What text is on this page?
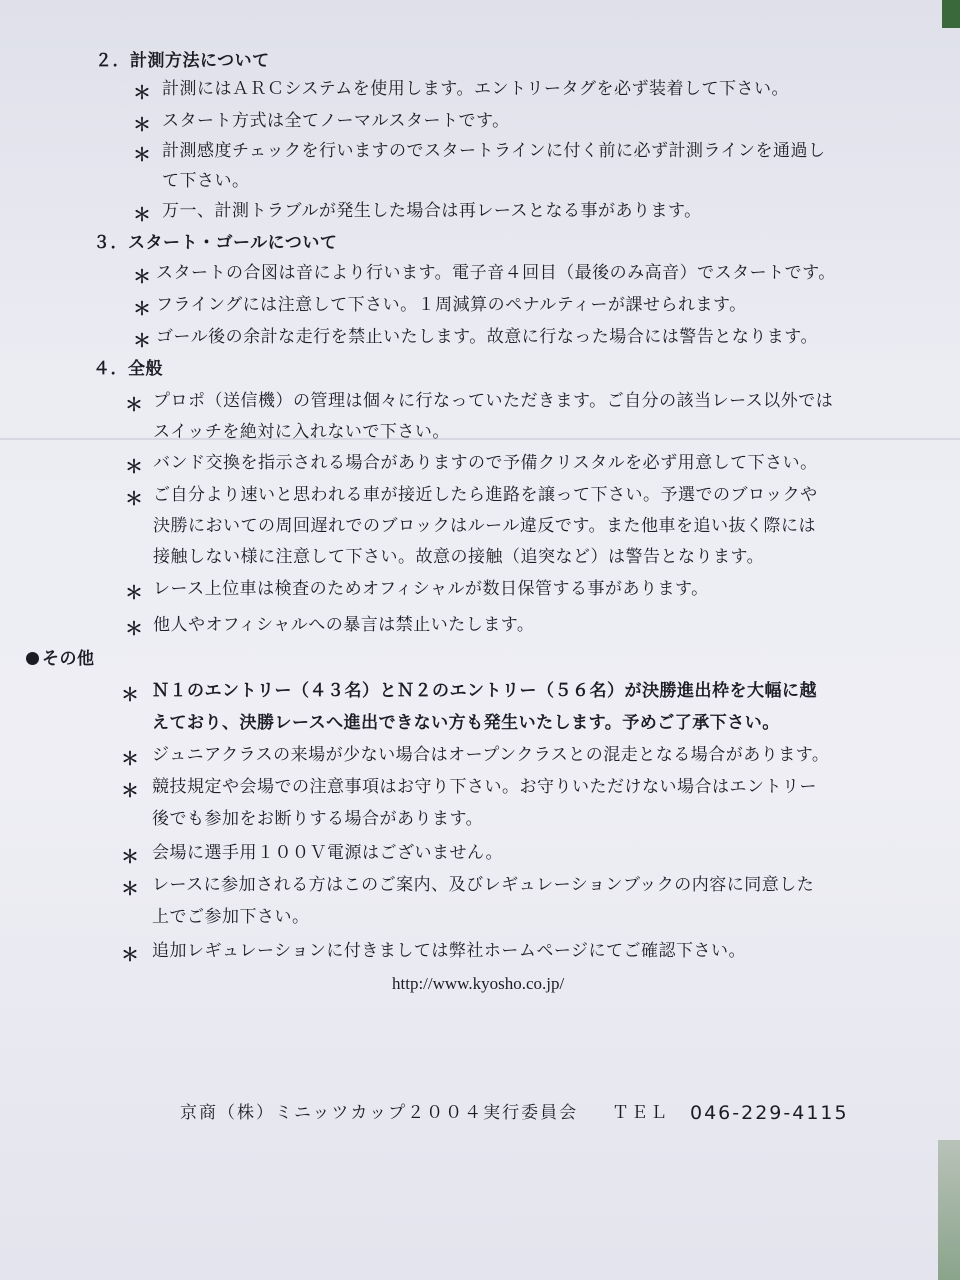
２．計測方法について
＊ 計測にはＡＲＣシステムを使用します。エントリータグを必ず装着して下さい。
＊ スタート方式は全てノーマルスタートです。
＊ 計測感度チェックを行いますのでスタートラインに付く前に必ず計測ラインを通過し
て下さい。
＊ 万一、計測トラブルが発生した場合は再レースとなる事があります。
３．スタート・ゴールについて
＊ スタートの合図は音により行います。電子音４回目（最後のみ高音）でスタートです。
＊ フライングには注意して下さい。１周減算のペナルティーが課せられます。
＊ ゴール後の余計な走行を禁止いたします。故意に行なった場合には警告となります。
４．全般
＊ プロポ（送信機）の管理は個々に行なっていただきます。ご自分の該当レース以外では
スイッチを絶対に入れないで下さい。
＊ バンド交換を指示される場合がありますので予備クリスタルを必ず用意して下さい。
＊ ご自分より速いと思われる車が接近したら進路を譲って下さい。予選でのブロックや
決勝においての周回遅れでのブロックはルール違反です。また他車を追い抜く際には
接触しない様に注意して下さい。故意の接触（追突など）は警告となります。
＊ レース上位車は検査のためオフィシャルが数日保管する事があります。
＊ 他人やオフィシャルへの暴言は禁止いたします。
その他
＊ Ｎ１のエントリー（４３名）とＮ２のエントリー（５６名）が決勝進出枠を大幅に越
えており、決勝レースへ進出できない方も発生いたします。予めご了承下さい。
＊ ジュニアクラスの来場が少ない場合はオープンクラスとの混走となる場合があります。
＊ 競技規定や会場での注意事項はお守り下さい。お守りいただけない場合はエントリー
後でも参加をお断りする場合があります。
＊ 会場に選手用１００Ｖ電源はございません。
＊ レースに参加される方はこのご案内、及びレギュレーションブックの内容に同意した
上でご参加下さい。
＊ 追加レギュレーションに付きましては弊社ホームページにてご確認下さい。
http://www.kyosho.co.jp/
京商（株）ミニッツカップ２００４実行委員会 ＴＥＬ 046-229-4115
